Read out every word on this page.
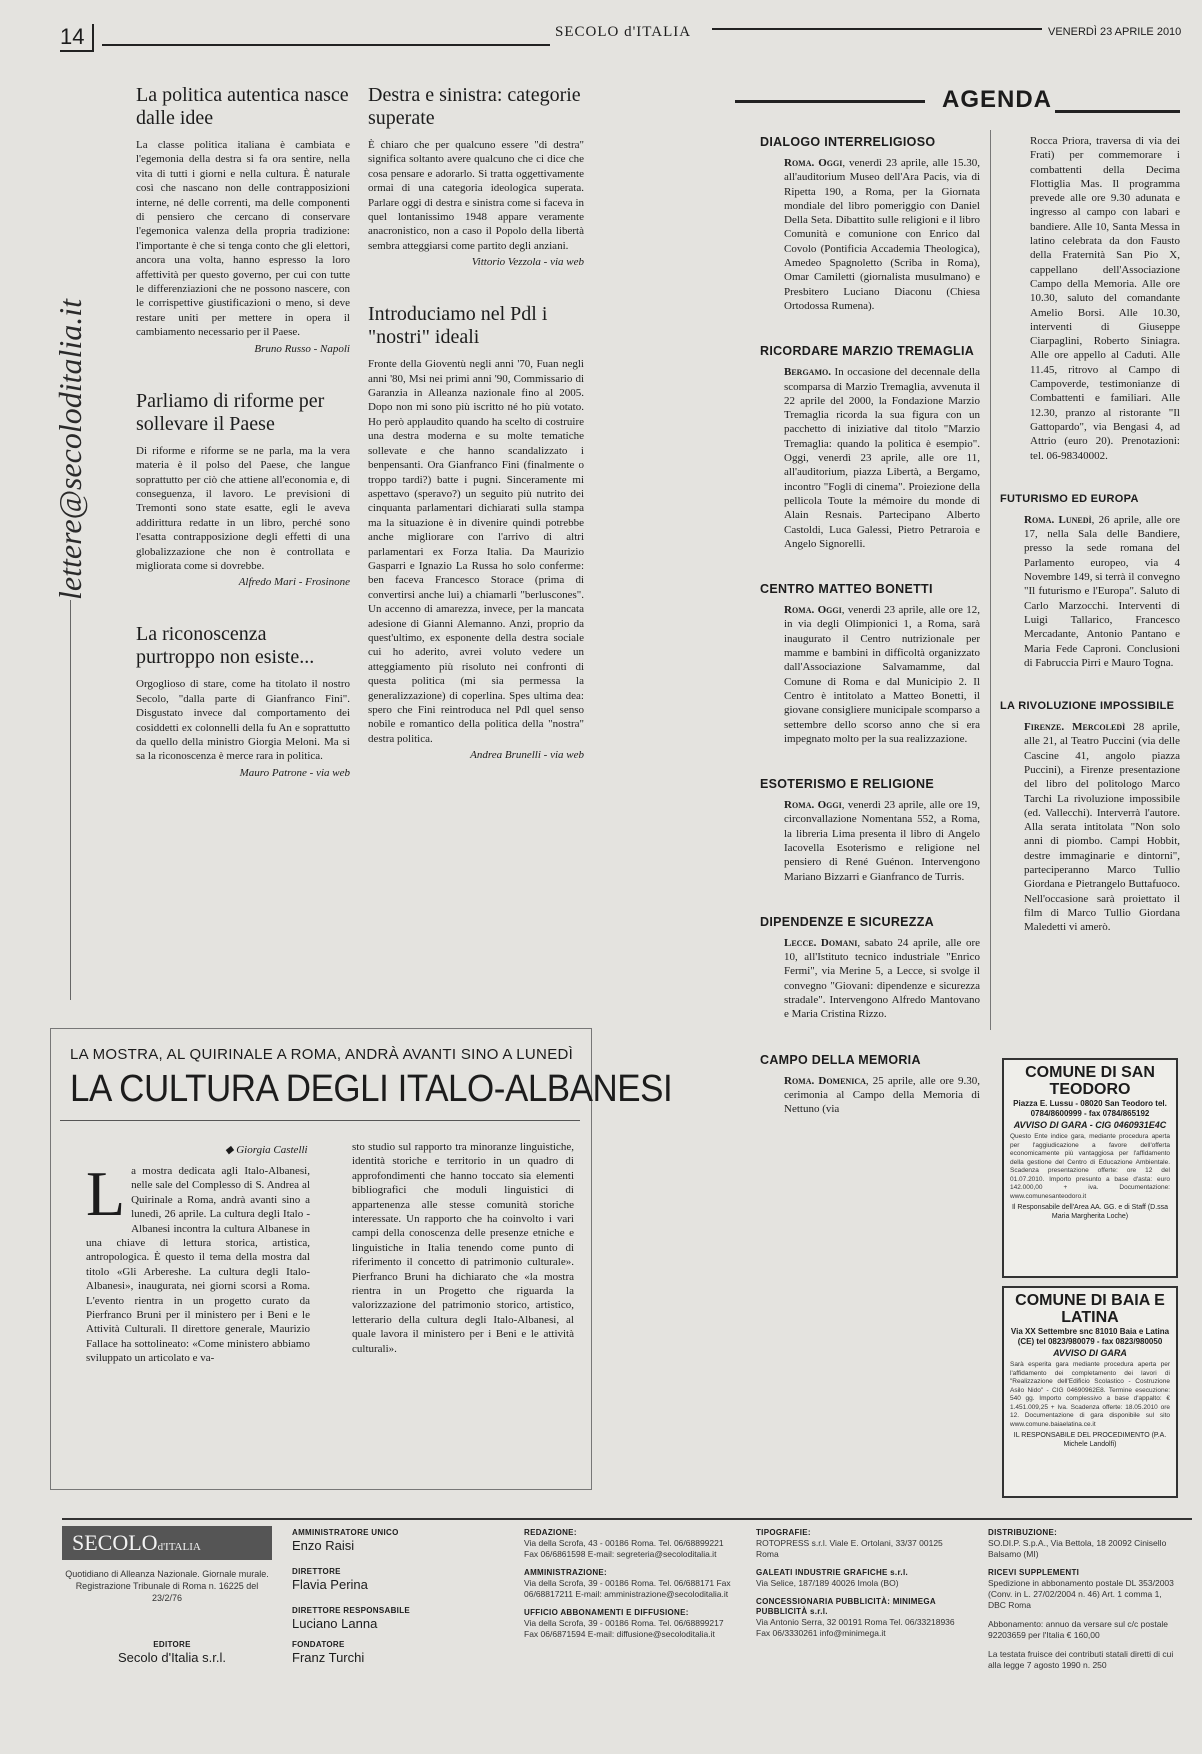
14	SECOLO d'ITALIA	VENERDÌ 23 APRILE 2010
lettere@secoloditalia.it
La politica autentica nasce dalle idee

La classe politica italiana è cambiata e l'egemonia della destra si fa ora sentire, nella vita di tutti i giorni e nella cultura. È naturale così che nascano non delle contrapposizioni interne, né delle correnti, ma delle componenti di pensiero che cercano di conservare l'egemonica valenza della propria tradizione: l'importante è che si tenga conto che gli elettori, ancora una volta, hanno espresso la loro affettività per questo governo, per cui con tutte le differenziazioni che ne possono nascere, con le corrispettive giustificazioni o meno, si deve restare uniti per mettere in opera il cambiamento necessario per il Paese.

Bruno Russo - Napoli

Parliamo di riforme per sollevare il Paese

Di riforme e riforme se ne parla, ma la vera materia è il polso del Paese, che langue soprattutto per ciò che attiene all'economia e, di conseguenza, il lavoro. Le previsioni di Tremonti sono state esatte, egli le aveva addirittura redatte in un libro, perché sono l'esatta contrapposizione degli effetti di una globalizzazione che non è controllata e migliorata come si dovrebbe.

Alfredo Mari - Frosinone

La riconoscenza purtroppo non esiste...

Orgoglioso di stare, come ha titolato il nostro Secolo, "dalla parte di Gianfranco Fini". Disgustato invece dal comportamento dei cosiddetti ex colonnelli della fu An e soprattutto da quello della ministro Giorgia Meloni. Ma si sa la riconoscenza è merce rara in politica.

Mauro Patrone - via web

Destra e sinistra: categorie superate

È chiaro che per qualcuno essere "di destra" significa soltanto avere qualcuno che ci dice che cosa pensare e adorarlo. Si tratta oggettivamente ormai di una categoria ideologica superata. Parlare oggi di destra e sinistra come si faceva in quel lontanissimo 1948 appare veramente anacronistico, non a caso il Popolo della libertà sembra atteggiarsi come partito degli anziani.

Vittorio Vezzola - via web

Introduciamo nel Pdl i "nostri" ideali

Fronte della Gioventù negli anni '70, Fuan negli anni '80, Msi nei primi anni '90, Commissario di Garanzia in Alleanza nazionale fino al 2005. Dopo non mi sono più iscritto né ho più votato. Ho però applaudito quando ha scelto di costruire una destra moderna e su molte tematiche sollevate e che hanno scandalizzato i benpensanti. Ora Gianfranco Fini (finalmente o troppo tardi?) batte i pugni. Sinceramente mi aspettavo (speravo?) un seguito più nutrito dei cinquanta parlamentari dichiarati sulla stampa ma la situazione è in divenire quindi potrebbe anche migliorare con l'arrivo di altri parlamentari ex Forza Italia. Da Maurizio Gasparri e Ignazio La Russa ho solo conferme: ben faceva Francesco Storace (prima di convertirsi anche lui) a chiamarli "berluscones". Un accenno di amarezza, invece, per la mancata adesione di Gianni Alemanno. Anzi, proprio da quest'ultimo, ex esponente della destra sociale cui ho aderito, avrei voluto vedere un atteggiamento più risoluto nei confronti di questa politica (mi sia permessa la generalizzazione) di coperlina. Spes ultima dea: spero che Fini reintroduca nel Pdl quel senso nobile e romantico della politica della "nostra" destra politica.

Andrea Brunelli - via web

LA MOSTRA, AL QUIRINALE A ROMA, ANDRÀ AVANTI SINO A LUNEDÌ
LA CULTURA DEGLI ITALO-ALBANESI
◆ Giorgia Castelli
L a mostra dedicata agli Italo-Albanesi, nelle sale del Complesso di S. Andrea al Quirinale a Roma, andrà avanti sino a lunedì, 26 aprile. La cultura degli Italo - Albanesi incontra la cultura Albanese in una chiave di lettura storica, artistica, antropologica. È questo il tema della mostra dal titolo «Gli Arbereshe. La cultura degli Italo-Albanesi», inaugurata, nei giorni scorsi a Roma. L'evento rientra in un progetto curato da Pierfranco Bruni per il ministero per i Beni e le Attività Culturali. Il direttore generale, Maurizio Fallace ha sottolineato: «Come ministero abbiamo sviluppato un articolato e va-

sto studio sul rapporto tra minoranze linguistiche, identità storiche e territorio in un quadro di approfondimenti che hanno toccato sia elementi bibliografici che moduli linguistici di appartenenza alle stesse comunità storiche interessate. Un rapporto che ha coinvolto i vari campi della conoscenza delle presenze etniche e linguistiche in Italia tenendo come punto di riferimento il concetto di patrimonio culturale». Pierfranco Bruni ha dichiarato che «la mostra rientra in un Progetto che riguarda la valorizzazione del patrimonio storico, artistico, letterario della cultura degli Italo-Albanesi, al quale lavora il ministero per i Beni e le attività culturali».

AGENDA

DIALOGO INTERRELIGIOSO

Roma. Oggi, venerdì 23 aprile, alle 15.30, all'auditorium Museo dell'Ara Pacis, via di Ripetta 190, a Roma, per la Giornata mondiale del libro pomeriggio con Daniel Della Seta. Dibattito sulle religioni e il libro Comunità e comunione con Enrico dal Covolo (Pontificia Accademia Theologica), Amedeo Spagnoletto (Scriba in Roma), Omar Camiletti (giornalista musulmano) e Presbitero Luciano Diaconu (Chiesa Ortodossa Rumena).

RICORDARE MARZIO TREMAGLIA

Bergamo. In occasione del decennale della scomparsa di Marzio Tremaglia, avvenuta il 22 aprile del 2000, la Fondazione Marzio Tremaglia ricorda la sua figura con un pacchetto di iniziative dal titolo "Marzio Tremaglia: quando la politica è esempio". Oggi, venerdì 23 aprile, alle ore 11, all'auditorium, piazza Libertà, a Bergamo, incontro "Fogli di cinema". Proiezione della pellicola Toute la mémoire du monde di Alain Resnais. Partecipano Alberto Castoldi, Luca Galessi, Pietro Petraroia e Angelo Signorelli.

CENTRO MATTEO BONETTI

Roma. Oggi, venerdì 23 aprile, alle ore 12, in via degli Olimpionici 1, a Roma, sarà inaugurato il Centro nutrizionale per mamme e bambini in difficoltà organizzato dall'Associazione Salvamamme, dal Comune di Roma e dal Municipio 2. Il Centro è intitolato a Matteo Bonetti, il giovane consigliere municipale scomparso a settembre dello scorso anno che si era impegnato molto per la sua realizzazione.

ESOTERISMO E RELIGIONE

Roma. Oggi, venerdì 23 aprile, alle ore 19, circonvallazione Nomentana 552, a Roma, la libreria Lima presenta il libro di Angelo Iacovella Esoterismo e religione nel pensiero di René Guénon. Intervengono Mariano Bizzarri e Gianfranco de Turris.

DIPENDENZE E SICUREZZA

Lecce. Domani, sabato 24 aprile, alle ore 10, all'Istituto tecnico industriale "Enrico Fermi", via Merine 5, a Lecce, si svolge il convegno "Giovani: dipendenze e sicurezza stradale". Intervengono Alfredo Mantovano e Maria Cristina Rizzo.

CAMPO DELLA MEMORIA

Roma. Domenica, 25 aprile, alle ore 9.30, cerimonia al Campo della Memoria di Nettuno (via

Rocca Priora, traversa di via dei Frati) per commemorare i combattenti della Decima Flottiglia Mas. Il programma prevede alle ore 9.30 adunata e ingresso al campo con labari e bandiere. Alle 10, Santa Messa in latino celebrata da don Fausto della Fraternità San Pio X, cappellano dell'Associazione Campo della Memoria. Alle ore 10.30, saluto del comandante Amelio Borsi. Alle 10.30, interventi di Giuseppe Ciarpaglini, Roberto Siniagra. Alle ore appello al Caduti. Alle 11.45, ritrovo al Campo di Campoverde, testimonianze di Combattenti e familiari. Alle 12.30, pranzo al ristorante "Il Gattopardo", via Bengasi 4, ad Attrio (euro 20). Prenotazioni: tel. 06-98340002.

FUTURISMO ED EUROPA

Roma. Lunedì, 26 aprile, alle ore 17, nella Sala delle Bandiere, presso la sede romana del Parlamento europeo, via 4 Novembre 149, si terrà il convegno "Il futurismo e l'Europa". Saluto di Carlo Marzocchi. Interventi di Luigi Tallarico, Francesco Mercadante, Antonio Pantano e Maria Fede Caproni. Conclusioni di Fabruccia Pirri e Mauro Togna.

LA RIVOLUZIONE IMPOSSIBILE

Firenze. Mercoledì 28 aprile, alle 21, al Teatro Puccini (via delle Cascine 41, angolo piazza Puccini), a Firenze presentazione del libro del politologo Marco Tarchi La rivoluzione impossibile (ed. Vallecchi). Interverrà l'autore. Alla serata intitolata "Non solo anni di piombo. Campi Hobbit, destre immaginarie e dintorni", parteciperanno Marco Tullio Giordana e Pietrangelo Buttafuoco. Nell'occasione sarà proiettato il film di Marco Tullio Giordana Maledetti vi amerò.

COMUNE DI SAN TEODORO

Piazza E. Lussu - 08020 San Teodoro tel. 0784/8600999 - fax 0784/865192

AVVISO DI GARA - CIG 0460931E4C

Questo Ente indice gara, mediante procedura aperta per l'aggiudicazione a favore dell'offerta economicamente più vantaggiosa per l'affidamento della gestione del Centro di Educazione Ambientale. Scadenza presentazione offerte: ore 12 del 01.07.2010. Importo presunto a base d'asta: euro 142.000,00 + iva. Documentazione: www.comunesanteodoro.it

Il Responsabile dell'Area AA. GG. e di Staff (D.ssa Maria Margherita Loche)

COMUNE DI BAIA E LATINA

Via XX Settembre snc 81010 Baia e Latina (CE) tel 0823/980079 - fax 0823/980050

AVVISO DI GARA

Sarà esperita gara mediante procedura aperta per l'affidamento dei completamento dei lavori di "Realizzazione dell'Edificio Scolastico - Costruzione Asilo Nido" - CIG 04690962E8. Termine esecuzione: 540 gg. Importo complessivo a base d'appalto: € 1.451.009,25 + Iva. Scadenza offerte: 18.05.2010 ore 12. Documentazione di gara disponibile sul sito www.comune.baiaelatina.ce.it

IL RESPONSABILE DEL PROCEDIMENTO (P.A. Michele Landolfi)

SECOLOd'ITALIA
Quotidiano di Alleanza Nazionale. Giornale murale. Registrazione Tribunale di Roma n. 16225 del 23/2/76

AMMINISTRATORE UNICO

Enzo Raisi

DIRETTORE

Flavia Perina

DIRETTORE RESPONSABILE

Luciano Lanna

EDITORE

Secolo d'Italia s.r.l.

FONDATORE

Franz Turchi

REDAZIONE:

Via della Scrofa, 43 - 00186 Roma. Tel. 06/68899221 Fax 06/6861598 E-mail: segreteria@secoloditalia.it

AMMINISTRAZIONE:

Via della Scrofa, 39 - 00186 Roma. Tel. 06/688171 Fax 06/68817211 E-mail: amministrazione@secoloditalia.it

UFFICIO ABBONAMENTI E DIFFUSIONE:

Via della Scrofa, 39 - 00186 Roma. Tel. 06/68899217 Fax 06/6871594 E-mail: diffusione@secoloditalia.it

TIPOGRAFIE:

ROTOPRESS s.r.l. Viale E. Ortolani, 33/37 00125 Roma

GALEATI INDUSTRIE GRAFICHE s.r.l.

Via Selice, 187/189 40026 Imola (BO)

CONCESSIONARIA PUBBLICITÀ: MINIMEGA PUBBLICITÀ s.r.l.

Via Antonio Serra, 32 00191 Roma Tel. 06/33218936 Fax 06/3330261 info@minimega.it

DISTRIBUZIONE:

SO.DI.P. S.p.A., Via Bettola, 18 20092 Cinisello Balsamo (MI)

RICEVI SUPPLEMENTI

Spedizione in abbonamento postale DL 353/2003 (Conv. in L. 27/02/2004 n. 46) Art. 1 comma 1, DBC Roma

Abbonamento: annuo da versare sul c/c postale 92203659 per l'Italia € 160,00

La testata fruisce dei contributi statali diretti di cui alla legge 7 agosto 1990 n. 250
